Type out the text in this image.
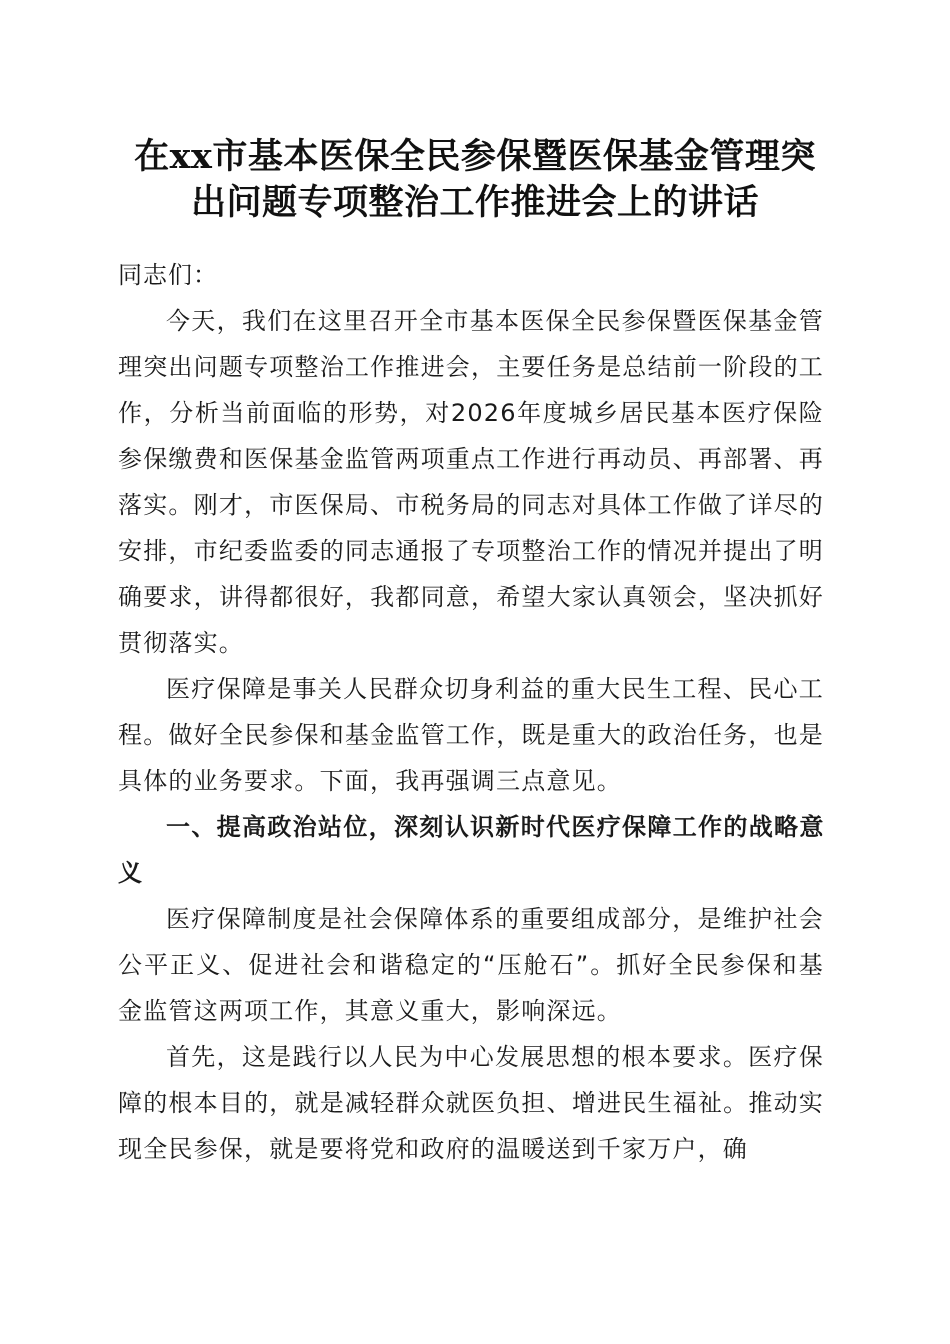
在xx市基本医保全民参保暨医保基金管理突
出问题专项整治工作推进会上的讲话

同志们：

今天，我们在这里召开全市基本医保全民参保暨医保基金管理突出问题专项整治工作推进会，主要任务是总结前一阶段的工作，分析当前面临的形势，对2026年度城乡居民基本医疗保险参保缴费和医保基金监管两项重点工作进行再动员、再部署、再落实。刚才，市医保局、市税务局的同志对具体工作做了详尽的安排，市纪委监委的同志通报了专项整治工作的情况并提出了明确要求，讲得都很好，我都同意，希望大家认真领会，坚决抓好贯彻落实。

医疗保障是事关人民群众切身利益的重大民生工程、民心工程。做好全民参保和基金监管工作，既是重大的政治任务，也是具体的业务要求。下面，我再强调三点意见。

一、提高政治站位，深刻认识新时代医疗保障工作的战略意义

医疗保障制度是社会保障体系的重要组成部分，是维护社会公平正义、促进社会和谐稳定的“压舱石”。抓好全民参保和基金监管这两项工作，其意义重大，影响深远。

首先，这是践行以人民为中心发展思想的根本要求。医疗保障的根本目的，就是减轻群众就医负担、增进民生福祉。推动实现全民参保，就是要将党和政府的温暖送到千家万户，确
